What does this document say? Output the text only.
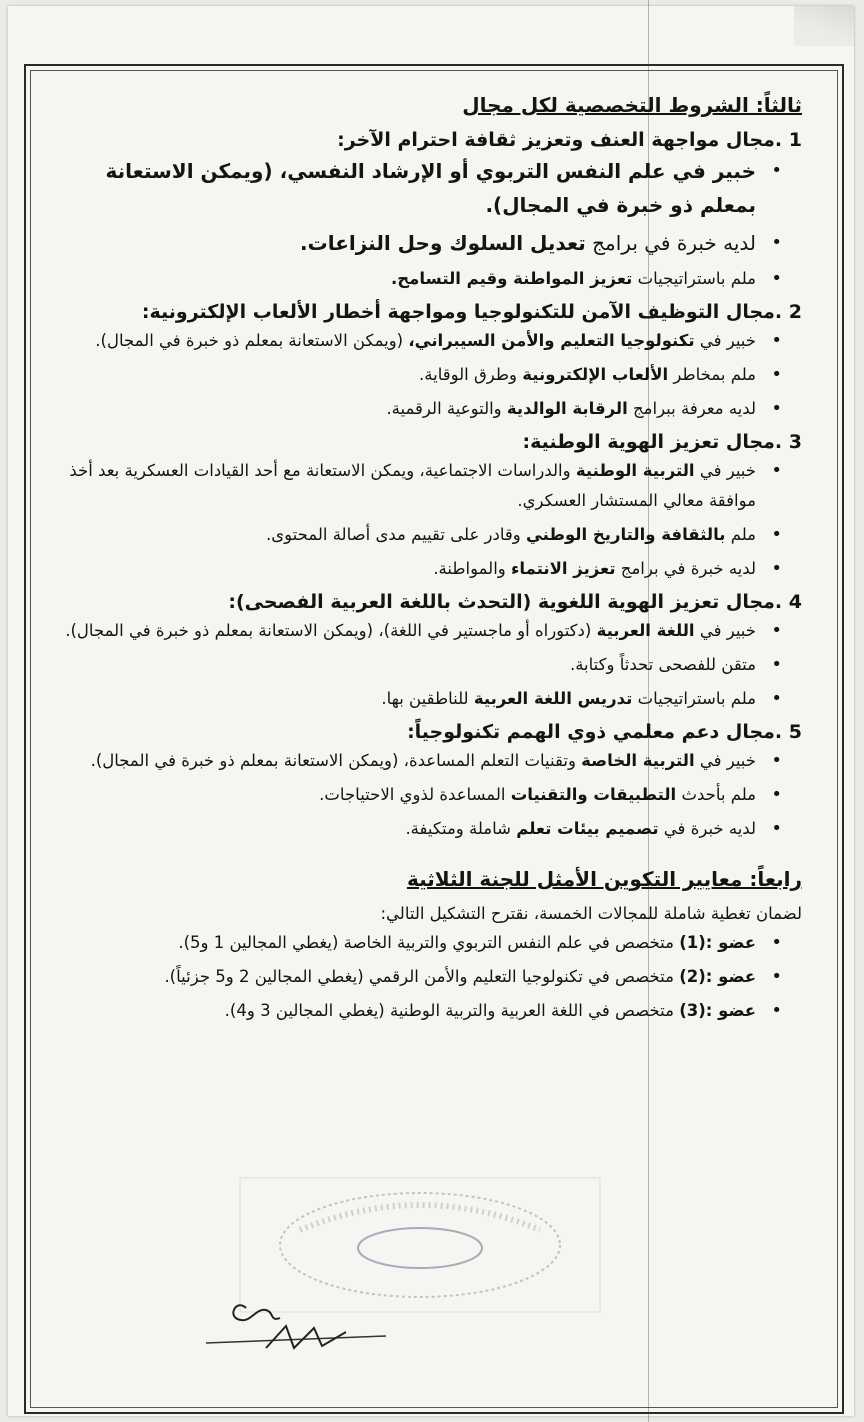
ثالثاً: الشروط التخصصية لكل مجال
1 .مجال مواجهة العنف وتعزيز ثقافة احترام الآخر:
• خبير في علم النفس التربوي أو الإرشاد النفسي، (ويمكن الاستعانة بمعلم ذو خبرة في المجال).
• لديه خبرة في برامج تعديل السلوك وحل النزاعات.
• ملم باستراتيجيات تعزيز المواطنة وقيم التسامح.
2 .مجال التوظيف الآمن للتكنولوجيا ومواجهة أخطار الألعاب الإلكترونية:
• خبير في تكنولوجيا التعليم والأمن السيبراني، (ويمكن الاستعانة بمعلم ذو خبرة في المجال).
• ملم بمخاطر الألعاب الإلكترونية وطرق الوقاية.
• لديه معرفة ببرامج الرقابة الوالدية والتوعية الرقمية.
3 .مجال تعزيز الهوية الوطنية:
• خبير في التربية الوطنية والدراسات الاجتماعية، ويمكن الاستعانة مع أحد القيادات العسكرية بعد أخذ موافقة معالي المستشار العسكري.
• ملم بالثقافة والتاريخ الوطني وقادر على تقييم مدى أصالة المحتوى.
• لديه خبرة في برامج تعزيز الانتماء والمواطنة.
4 .مجال تعزيز الهوية اللغوية (التحدث باللغة العربية الفصحى):
• خبير في اللغة العربية (دكتوراه أو ماجستير في اللغة)، (ويمكن الاستعانة بمعلم ذو خبرة في المجال).
• متقن للفصحى تحدثاً وكتابة.
• ملم باستراتيجيات تدريس اللغة العربية للناطقين بها.
5 .مجال دعم معلمي ذوي الهمم تكنولوجياً:
• خبير في التربية الخاصة وتقنيات التعلم المساعدة، (ويمكن الاستعانة بمعلم ذو خبرة في المجال).
• ملم بأحدث التطبيقات والتقنيات المساعدة لذوي الاحتياجات.
• لديه خبرة في تصميم بيئات تعلم شاملة ومتكيفة.
رابعاً: معايير التكوين الأمثل للجنة الثلاثية

لضمان تغطية شاملة للمجالات الخمسة، نقترح التشكيل التالي:

• عضو :(1) متخصص في علم النفس التربوي والتربية الخاصة (يغطي المجالين 1 و5).
• عضو :(2) متخصص في تكنولوجيا التعليم والأمن الرقمي (يغطي المجالين 2 و5 جزئياً).
• عضو :(3) متخصص في اللغة العربية والتربية الوطنية (يغطي المجالين 3 و4).
